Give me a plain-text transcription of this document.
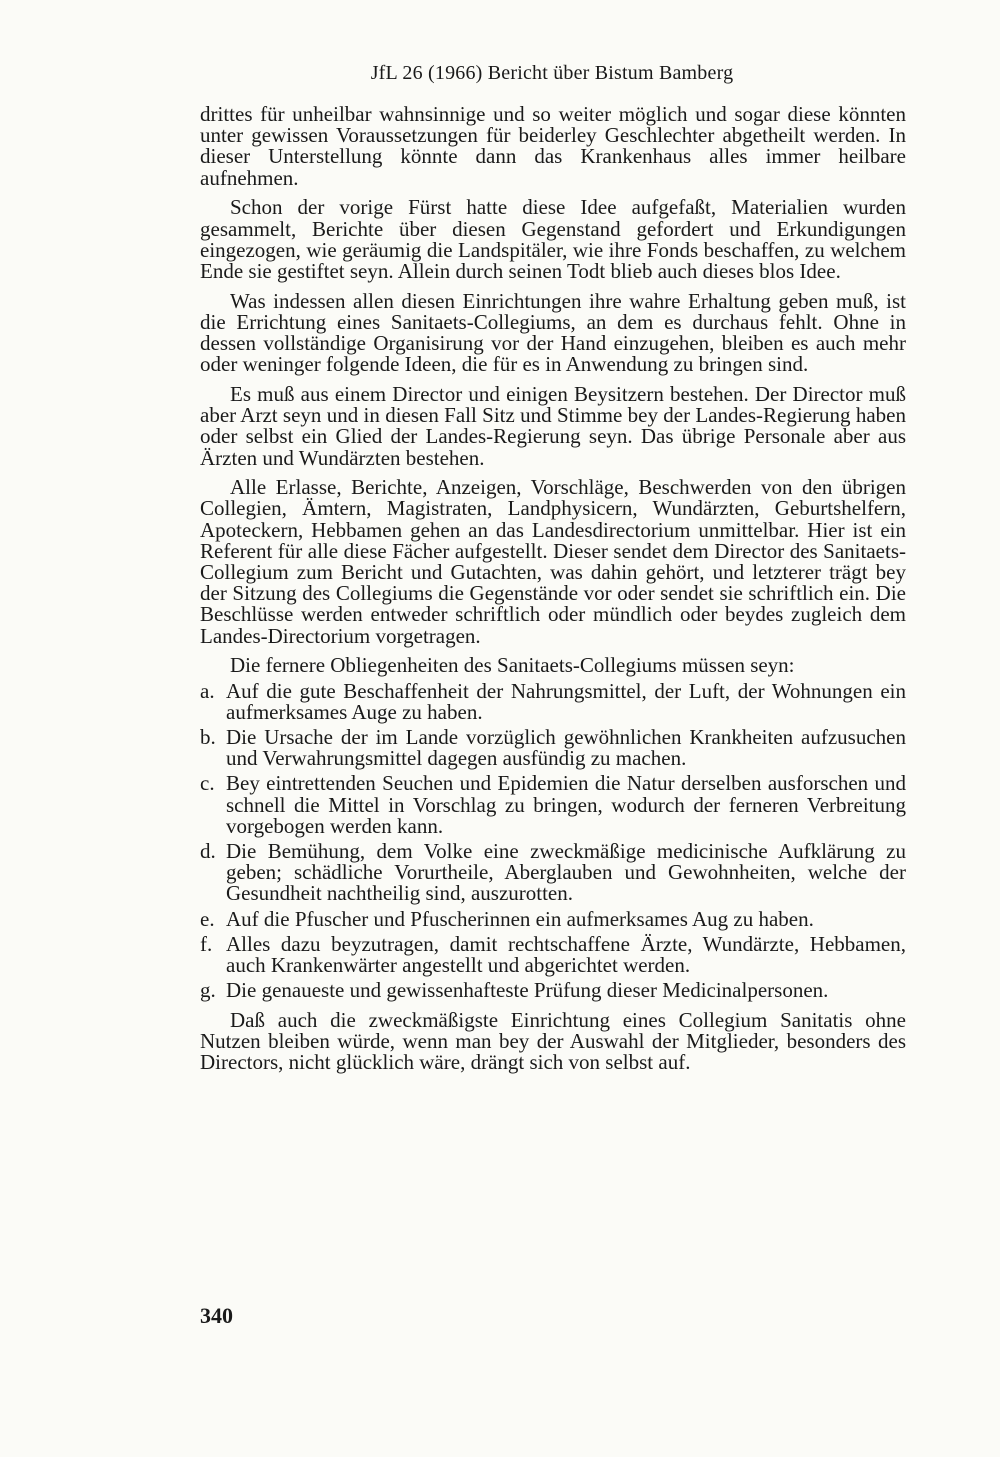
JfL 26 (1966) Bericht über Bistum Bamberg

drittes für unheilbar wahnsinnige und so weiter möglich und sogar diese könnten unter gewissen Voraussetzungen für beiderley Geschlechter abgetheilt werden. In dieser Unterstellung könnte dann das Krankenhaus alles immer heilbare aufnehmen.

Schon der vorige Fürst hatte diese Idee aufgefaßt, Materialien wurden gesammelt, Berichte über diesen Gegenstand gefordert und Erkundigungen eingezogen, wie geräumig die Landspitäler, wie ihre Fonds beschaffen, zu welchem Ende sie gestiftet seyn. Allein durch seinen Todt blieb auch dieses blos Idee.

Was indessen allen diesen Einrichtungen ihre wahre Erhaltung geben muß, ist die Errichtung eines Sanitaets-Collegiums, an dem es durchaus fehlt. Ohne in dessen vollständige Organisirung vor der Hand einzugehen, bleiben es auch mehr oder weninger folgende Ideen, die für es in Anwendung zu bringen sind.

Es muß aus einem Director und einigen Beysitzern bestehen. Der Director muß aber Arzt seyn und in diesen Fall Sitz und Stimme bey der Landes-Regierung haben oder selbst ein Glied der Landes-Regierung seyn. Das übrige Personale aber aus Ärzten und Wundärzten bestehen.

Alle Erlasse, Berichte, Anzeigen, Vorschläge, Beschwerden von den übrigen Collegien, Ämtern, Magistraten, Landphysicern, Wundärzten, Geburtshelfern, Apoteckern, Hebbamen gehen an das Landesdirectorium unmittelbar. Hier ist ein Referent für alle diese Fächer aufgestellt. Dieser sendet dem Director des Sanitaets-Collegium zum Bericht und Gutachten, was dahin gehört, und letzterer trägt bey der Sitzung des Collegiums die Gegenstände vor oder sendet sie schriftlich ein. Die Beschlüsse werden entweder schriftlich oder mündlich oder beydes zugleich dem Landes-Directorium vorgetragen.

Die fernere Obliegenheiten des Sanitaets-Collegiums müssen seyn:

a. Auf die gute Beschaffenheit der Nahrungsmittel, der Luft, der Wohnungen ein aufmerksames Auge zu haben.
b. Die Ursache der im Lande vorzüglich gewöhnlichen Krankheiten aufzusuchen und Verwahrungsmittel dagegen ausfündig zu machen.
c. Bey eintrettenden Seuchen und Epidemien die Natur derselben ausforschen und schnell die Mittel in Vorschlag zu bringen, wodurch der ferneren Verbreitung vorgebogen werden kann.
d. Die Bemühung, dem Volke eine zweckmäßige medicinische Aufklärung zu geben; schädliche Vorurtheile, Aberglauben und Gewohnheiten, welche der Gesundheit nachtheilig sind, auszurotten.
e. Auf die Pfuscher und Pfuscherinnen ein aufmerksames Aug zu haben.
f. Alles dazu beyzutragen, damit rechtschaffene Ärzte, Wundärzte, Hebbamen, auch Krankenwärter angestellt und abgerichtet werden.
g. Die genaueste und gewissenhafteste Prüfung dieser Medicinalpersonen.

Daß auch die zweckmäßigste Einrichtung eines Collegium Sanitatis ohne Nutzen bleiben würde, wenn man bey der Auswahl der Mitglieder, besonders des Directors, nicht glücklich wäre, drängt sich von selbst auf.

340
